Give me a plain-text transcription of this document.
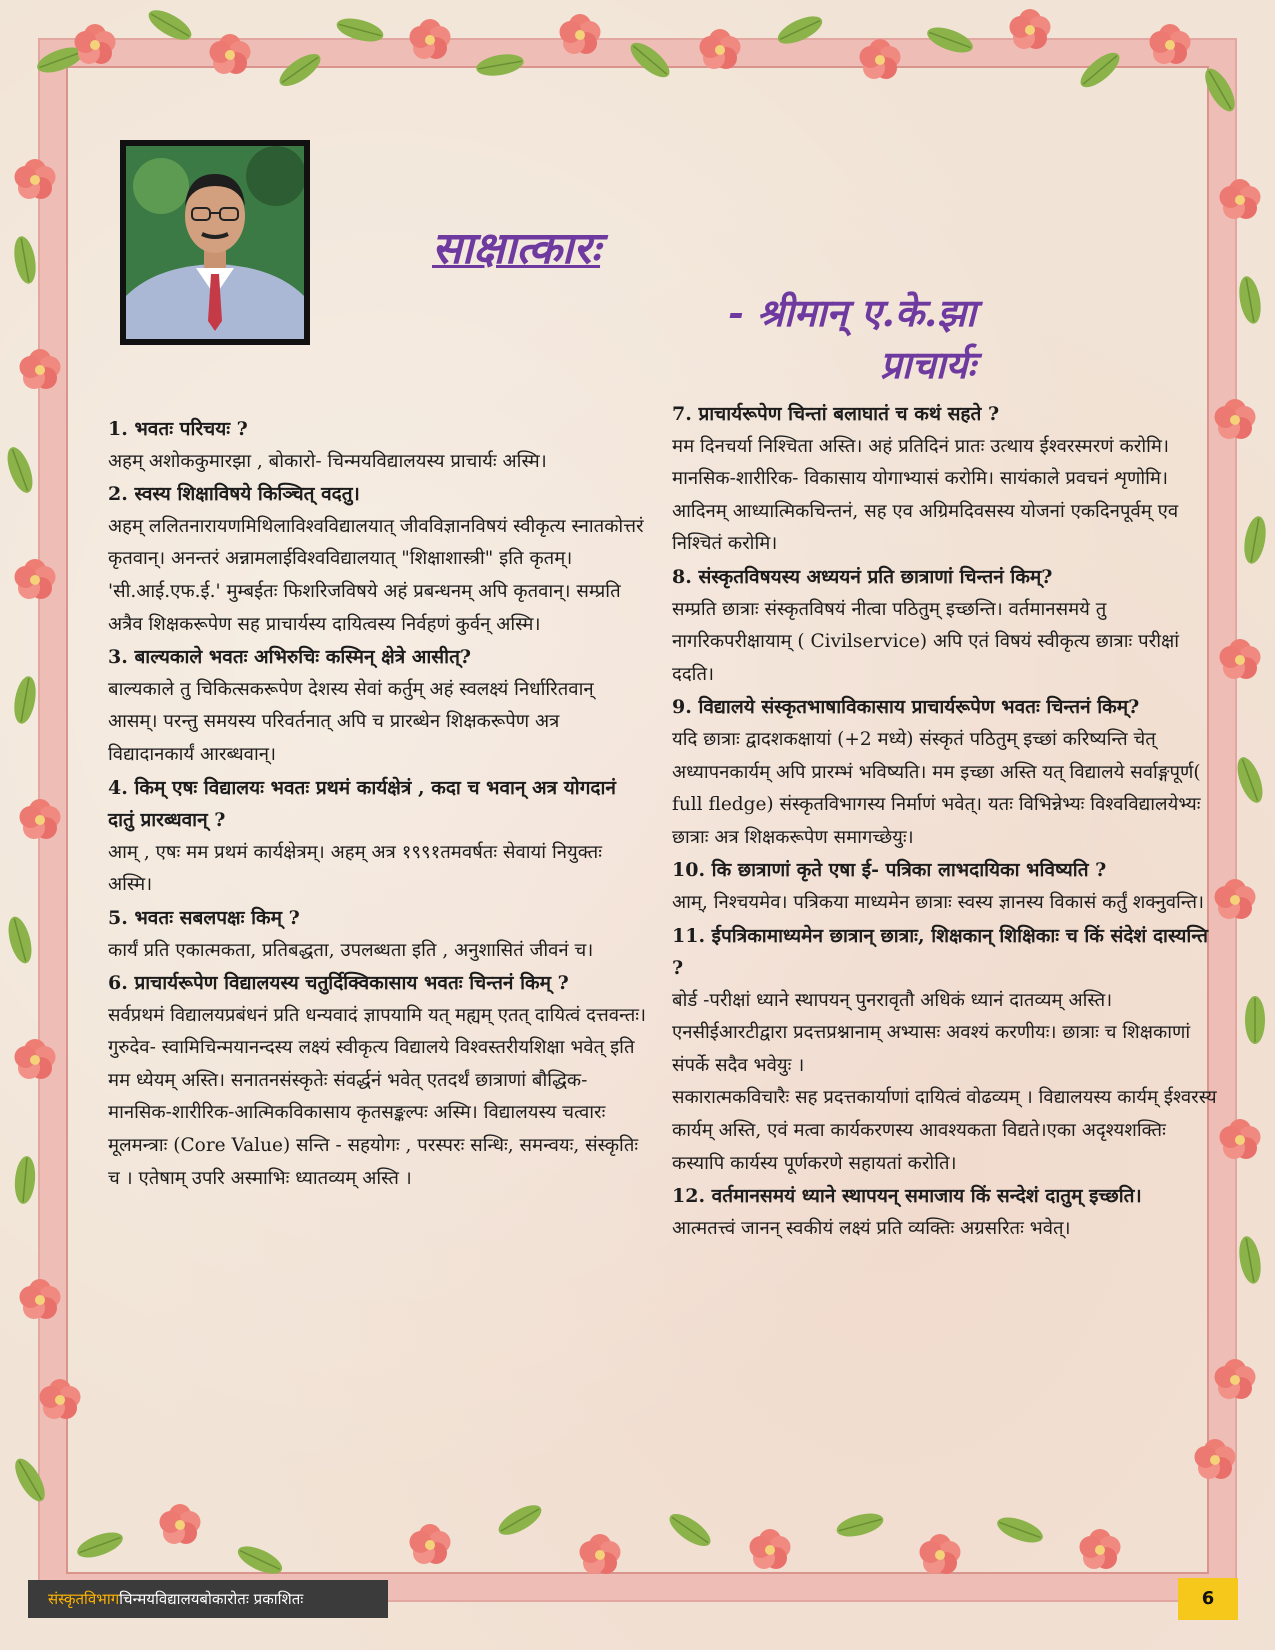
साक्षात्कारः

- श्रीमान् ए.के.झा

प्राचार्यः

1. भवतः परिचयः ?

अहम् अशोककुमारझा , बोकारो- चिन्मयविद्यालयस्य प्राचार्यः अस्मि।

2. स्वस्य शिक्षाविषये किञ्चित् वदतु।

अहम् ललितनारायणमिथिलाविश्वविद्यालयात् जीवविज्ञानविषयं स्वीकृत्य स्नातकोत्तरं कृतवान्। अनन्तरं अन्नामलाईविश्वविद्यालयात् "शिक्षाशास्त्री" इति कृतम्। 'सी.आई.एफ.ई.' मुम्बईतः फिशरिजविषये अहं प्रबन्धनम् अपि कृतवान्। सम्प्रति अत्रैव शिक्षकरूपेण सह प्राचार्यस्य दायित्वस्य निर्वहणं कुर्वन् अस्मि।

3. बाल्यकाले भवतः अभिरुचिः कस्मिन् क्षेत्रे आसीत्?

बाल्यकाले तु चिकित्सकरूपेण देशस्य सेवां कर्तुम् अहं स्वलक्ष्यं निर्धारितवान् आसम्। परन्तु समयस्य परिवर्तनात् अपि च प्रारब्धेन शिक्षकरूपेण अत्र विद्यादानकार्यं आरब्धवान्।

4. किम् एषः विद्यालयः भवतः प्रथमं कार्यक्षेत्रं , कदा च भवान् अत्र योगदानं दातुं प्रारब्धवान् ?

आम् , एषः मम प्रथमं कार्यक्षेत्रम्। अहम् अत्र १९९१तमवर्षतः सेवायां नियुक्तः अस्मि।

5. भवतः सबलपक्षः किम् ?

कार्यं प्रति एकात्मकता, प्रतिबद्धता, उपलब्धता इति , अनुशासितं जीवनं च।

6. प्राचार्यरूपेण विद्यालयस्य चतुर्दिक्विकासाय भवतः चिन्तनं किम् ?

सर्वप्रथमं विद्यालयप्रबंधनं प्रति धन्यवादं ज्ञापयामि यत् मह्यम् एतत् दायित्वं दत्तवन्तः। गुरुदेव- स्वामिचिन्मयानन्दस्य लक्ष्यं स्वीकृत्य विद्यालये विश्वस्तरीयशिक्षा भवेत् इति मम ध्येयम् अस्ति। सनातनसंस्कृतेः संवर्द्धनं भवेत् एतदर्थं छात्राणां बौद्धिक-मानसिक-शारीरिक-आत्मिकविकासाय कृतसङ्कल्पः अस्मि। विद्यालयस्य चत्वारः मूलमन्त्राः (Core Value) सन्ति - सहयोगः , परस्परः सन्धिः, समन्वयः, संस्कृतिः च । एतेषाम् उपरि अस्माभिः ध्यातव्यम् अस्ति ।

7. प्राचार्यरूपेण चिन्तां बलाघातं च कथं सहते ?

मम दिनचर्या निश्चिता अस्ति। अहं प्रतिदिनं प्रातः उत्थाय ईश्वरस्मरणं करोमि। मानसिक-शारीरिक- विकासाय योगाभ्यासं करोमि। सायंकाले प्रवचनं शृणोमि। आदिनम् आध्यात्मिकचिन्तनं, सह एव अग्रिमदिवसस्य योजनां एकदिनपूर्वम् एव निश्चितं करोमि।

8. संस्कृतविषयस्य अध्ययनं प्रति छात्राणां चिन्तनं किम्?

सम्प्रति छात्राः संस्कृतविषयं नीत्वा पठितुम् इच्छन्ति। वर्तमानसमये तु नागरिकपरीक्षायाम् ( Civilservice) अपि एतं विषयं स्वीकृत्य छात्राः परीक्षां ददति।

9. विद्यालये संस्कृतभाषाविकासाय प्राचार्यरूपेण भवतः चिन्तनं किम्?

यदि छात्राः द्वादशकक्षायां (+2 मध्ये) संस्कृतं पठितुम् इच्छां करिष्यन्ति चेत् अध्यापनकार्यम् अपि प्रारम्भं भविष्यति। मम इच्छा अस्ति यत् विद्यालये सर्वाङ्गपूर्ण( full fledge) संस्कृतविभागस्य निर्माणं भवेत्। यतः विभिन्नेभ्यः विश्वविद्यालयेभ्यः छात्राः अत्र शिक्षकरूपेण समागच्छेयुः।

10. कि छात्राणां कृते एषा ई- पत्रिका लाभदायिका भविष्यति ?

आम्, निश्चयमेव। पत्रिकया माध्यमेन छात्राः स्वस्य ज्ञानस्य विकासं कर्तुं शक्नुवन्ति।

11. ईपत्रिकामाध्यमेन छात्रान् छात्राः, शिक्षकान् शिक्षिकाः च किं संदेशं दास्यन्ति ?

बोर्ड -परीक्षां ध्याने स्थापयन् पुनरावृतौ अधिकं ध्यानं दातव्यम् अस्ति। एनसीईआरटीद्वारा प्रदत्तप्रश्नानाम् अभ्यासः अवश्यं करणीयः। छात्राः च शिक्षकाणां संपर्के सदैव भवेयुः ।

सकारात्मकविचारैः सह प्रदत्तकार्याणां दायित्वं वोढव्यम् । विद्यालयस्य कार्यम् ईश्वरस्य कार्यम् अस्ति, एवं मत्वा कार्यकरणस्य आवश्यकता विद्यते।एका अदृश्यशक्तिः कस्यापि कार्यस्य पूर्णकरणे सहायतां करोति।

12. वर्तमानसमयं ध्याने स्थापयन् समाजाय किं सन्देशं दातुम् इच्छति।

आत्मतत्त्वं जानन् स्वकीयं लक्ष्यं प्रति व्यक्तिः अग्रसरितः भवेत्।

संस्कृतविभागचिन्मयविद्यालयबोकारोतः प्रकाशितः	6
